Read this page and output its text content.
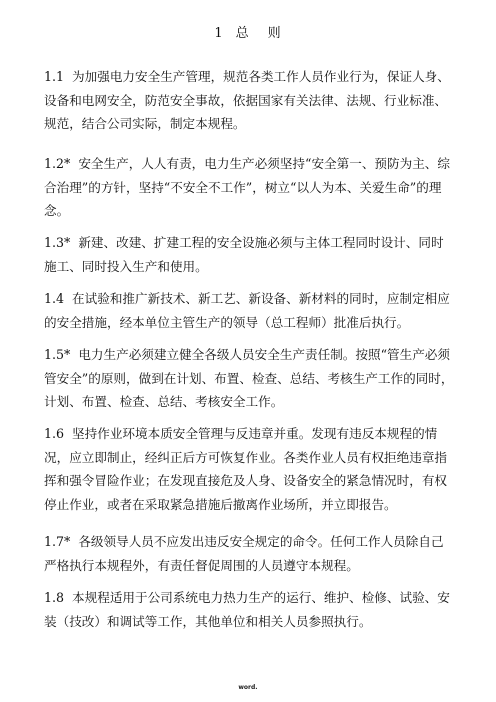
1 总 则
1.1 为加强电力安全生产管理，规范各类工作人员作业行为，保证人身、设备和电网安全，防范安全事故，依据国家有关法律、法规、行业标准、规范，结合公司实际，制定本规程。
1.2* 安全生产，人人有责，电力生产必须坚持“安全第一、预防为主、综合治理”的方针，坚持“不安全不工作”，树立“以人为本、关爱生命”的理念。
1.3* 新建、改建、扩建工程的安全设施必须与主体工程同时设计、同时施工、同时投入生产和使用。
1.4 在试验和推广新技术、新工艺、新设备、新材料的同时，应制定相应的安全措施，经本单位主管生产的领导（总工程师）批准后执行。
1.5* 电力生产必须建立健全各级人员安全生产责任制。按照“管生产必须管安全”的原则，做到在计划、布置、检查、总结、考核生产工作的同时，计划、布置、检查、总结、考核安全工作。
1.6 坚持作业环境本质安全管理与反违章并重。发现有违反本规程的情况，应立即制止，经纠正后方可恢复作业。各类作业人员有权拒绝违章指挥和强令冒险作业；在发现直接危及人身、设备安全的紧急情况时，有权停止作业，或者在采取紧急措施后撤离作业场所，并立即报告。
1.7* 各级领导人员不应发出违反安全规定的命令。任何工作人员除自己严格执行本规程外，有责任督促周围的人员遵守本规程。
1.8 本规程适用于公司系统电力热力生产的运行、维护、检修、试验、安装（技改）和调试等工作，其他单位和相关人员参照执行。
word.
